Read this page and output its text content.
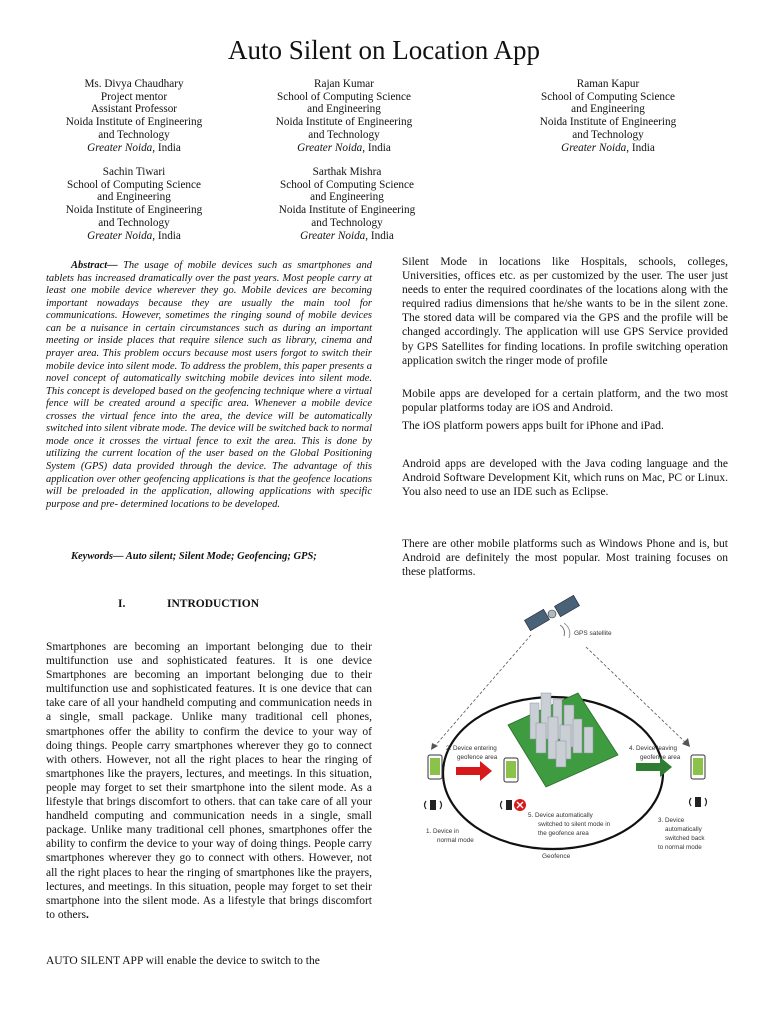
Auto Silent on Location App
Ms. Divya Chaudhary
Project mentor
Assistant Professor
Noida Institute of Engineering
and Technology
Greater Noida, India
Rajan Kumar
School of Computing Science
and Engineering
Noida Institute of Engineering
and Technology
Greater Noida, India
Raman Kapur
School of Computing Science
and Engineering
Noida Institute of Engineering
and Technology
Greater Noida, India
Sachin Tiwari
School of Computing Science
and Engineering
Noida Institute of Engineering
and Technology
Greater Noida, India
Sarthak Mishra
School of Computing Science
and Engineering
Noida Institute of Engineering
and Technology
Greater Noida, India
Abstract— The usage of mobile devices such as smartphones and tablets has increased dramatically over the past years. Most people carry at least one mobile device wherever they go. Mobile devices are becoming important nowadays because they are usually the main tool for communications. However, sometimes the ringing sound of mobile devices can be a nuisance in certain circumstances such as during an important meeting or inside places that require silence such as library, cinema and prayer area. This problem occurs because most users forgot to switch their mobile device into silent mode. To address the problem, this paper presents a novel concept of automatically switching mobile devices into silent mode. This concept is developed based on the geofencing technique where a virtual fence will be created around a specific area. Whenever a mobile device crosses the virtual fence into the area, the device will be automatically switched into silent vibrate mode. The device will be switched back to normal mode once it crosses the virtual fence to exit the area. This is done by utilizing the current location of the user based on the Global Positioning System (GPS) data provided through the device. The advantage of this application over other geofencing applications is that the geofence locations will be preloaded in the application, allowing applications with specific purpose and pre- determined locations to be developed.
Keywords— Auto silent; Silent Mode; Geofencing; GPS;
I.	INTRODUCTION

Smartphones are becoming an important belonging due to their multifunction use and sophisticated features. It is one device Smartphones are becoming an important belonging due to their multifunction use and sophisticated features. It is one device that can take care of all your handheld computing and communication needs in a single, small package. Unlike many traditional cell phones, smartphones offer the ability to confirm the device to your way of doing things. People carry smartphones wherever they go to connect with others. However, not all the right places to hear the ringing of smartphones like the prayers, lectures, and meetings. In this situation, people may forget to set their smartphone into the silent mode. As a lifestyle that brings discomfort to others. that can take care of all your handheld computing and communication needs in a single, small package. Unlike many traditional cell phones, smartphones offer the ability to confirm the device to your way of doing things. People carry smartphones wherever they go to connect with others. However, not all the right places to hear the ringing of smartphones like the prayers, lectures, and meetings. In this situation, people may forget to set their smartphone into the silent mode. As a lifestyle that brings discomfort to others.

AUTO SILENT APP will enable the device to switch to the

Silent Mode in locations like Hospitals, schools, colleges, Universities, offices etc. as per customized by the user. The user just needs to enter the required coordinates of the locations along with the required radius dimensions that he/she wants to be in the silent zone. The stored data will be compared via the GPS and the profile will be changed accordingly. The application will use GPS Service provided by GPS Satellites for finding locations. In profile switching operation application switch the ringer mode of profile

Mobile apps are developed for a certain platform, and the two most popular platforms today are iOS and Android.

The iOS platform powers apps built for iPhone and iPad.

Android apps are developed with the Java coding language and the Android Software Development Kit, which runs on Mac, PC or Linux. You also need to use an IDE such as Eclipse.

There are other mobile platforms such as Windows Phone and is, but Android are definitely the most popular. Most training focuses on these platforms.

GPS satellite
2. Device entering geofence area
4. Device leaving geofence area
5. Device automatically switched to silent mode in the geofence area
1. Device in normal mode
3. Device automatically switched back to normal mode
Geofence
